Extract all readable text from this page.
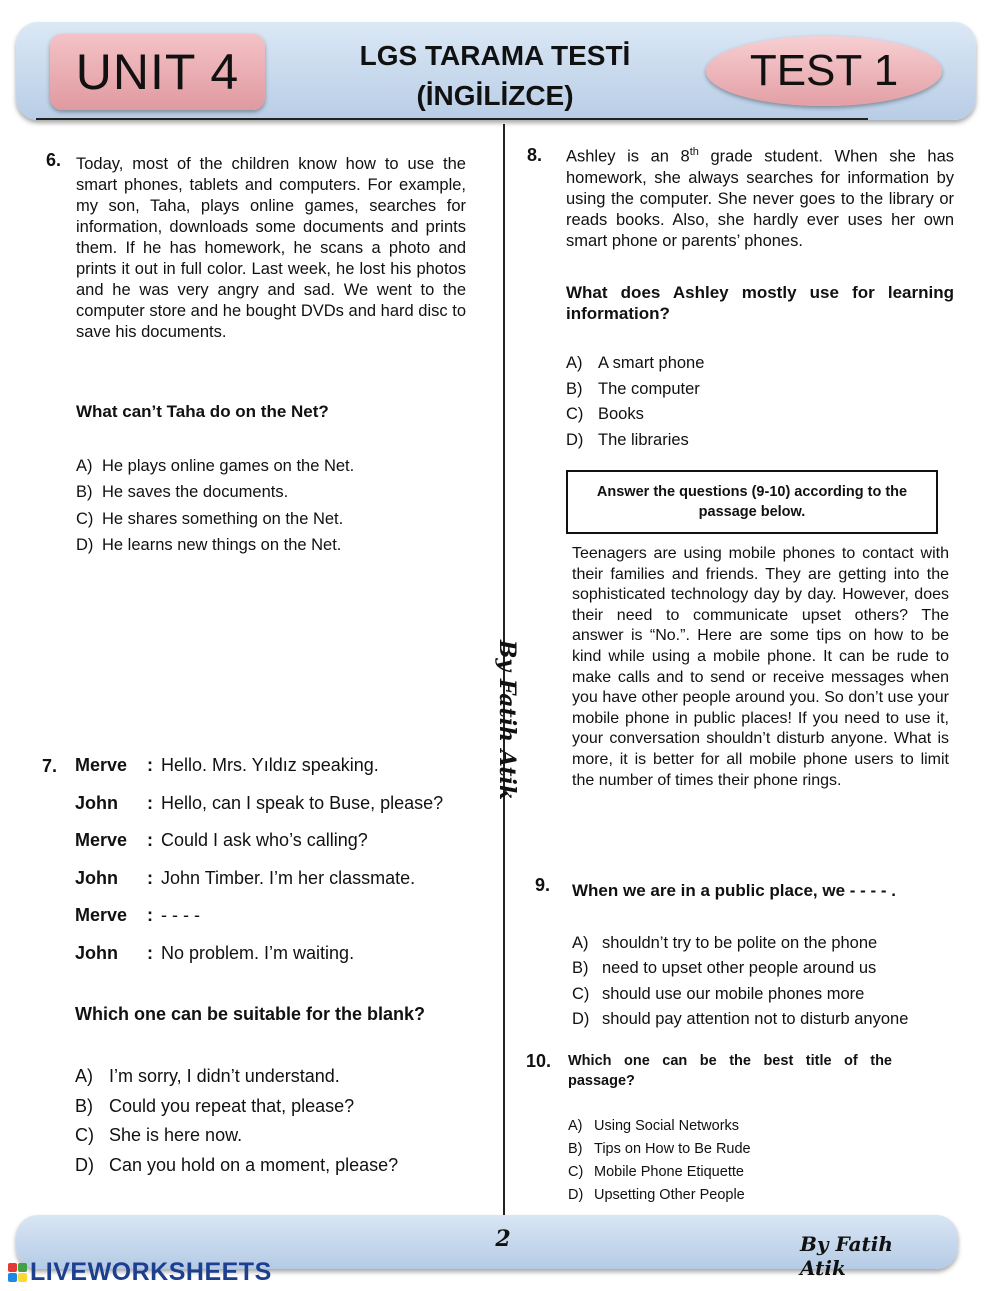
UNIT 4	LGS TARAMA TESTİ
(İNGİLİZCE)
TEST 1
By Fatih Atik
6. Today, most of the children know how to use the smart phones, tablets and computers. For example, my son, Taha, plays online games, searches for information, downloads some documents and prints them. If he has homework, he scans a photo and prints it out in full color. Last week, he lost his photos and he was very angry and sad. We went to the computer store and he bought DVDs and hard disc to save his documents.
What can’t Taha do on the Net?
A) He plays online games on the Net.
B) He saves the documents.
C) He shares something on the Net.
D) He learns new things on the Net.
7. Merve	: Hello. Mrs. Yıldız speaking.
John	: Hello, can I speak to Buse, please?
Merve	: Could I ask who’s calling?
John	: John Timber. I’m her classmate.
Merve	: - - - -
John	: No problem. I’m waiting.
Which one can be suitable for the blank?
A) I’m sorry, I didn’t understand.
B) Could you repeat that, please?
C) She is here now.
D) Can you hold on a moment, please?
8. Ashley is an 8th grade student. When she has homework, she always searches for information by using the computer. She never goes to the library or reads books. Also, she hardly ever uses her own smart phone or parents’ phones.
What does Ashley mostly use for learning information?
A) A smart phone
B) The computer
C) Books
D) The libraries
Answer the questions (9-10) according to the passage below.
Teenagers are using mobile phones to contact with their families and friends. They are getting into the sophisticated technology day by day. However, does their need to communicate upset others? The answer is “No.”. Here are some tips on how to be kind while using a mobile phone. It can be rude to make calls and to send or receive messages when you have other people around you. So don’t use your mobile phone in public places! If you need to use it, your conversation shouldn’t disturb anyone. What is more, it is better for all mobile phone users to limit the number of times their phone rings.
9. When we are in a public place, we - - - - .
A) shouldn’t try to be polite on the phone
B) need to upset other people around us
C) should use our mobile phones more
D) should pay attention not to disturb anyone
10. Which one can be the best title of the passage?
A) Using Social Networks
B) Tips on How to Be Rude
C) Mobile Phone Etiquette
D) Upsetting Other People
2	By Fatih Atik
LIVEWORKSHEETS
